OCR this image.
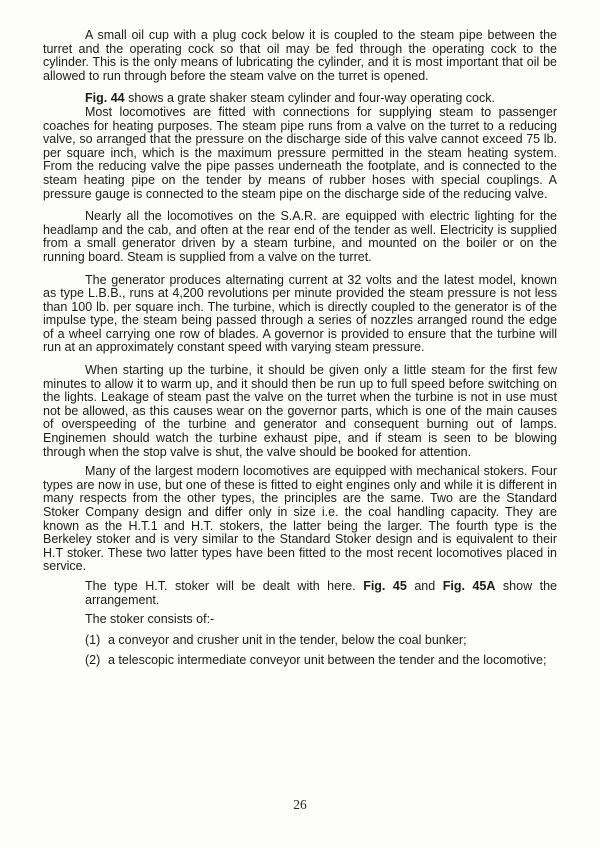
A small oil cup with a plug cock below it is coupled to the steam pipe between the turret and the operating cock so that oil may be fed through the operating cock to the cylinder. This is the only means of lubricating the cylinder, and it is most important that oil be allowed to run through before the steam valve on the turret is opened.

Fig. 44 shows a grate shaker steam cylinder and four-way operating cock.

Most locomotives are fitted with connections for supplying steam to passenger coaches for heating purposes. The steam pipe runs from a valve on the turret to a reducing valve, so arranged that the pressure on the discharge side of this valve cannot exceed 75 lb. per square inch, which is the maximum pressure permitted in the steam heating system. From the reducing valve the pipe passes underneath the footplate, and is connected to the steam heating pipe on the tender by means of rubber hoses with special couplings. A pressure gauge is connected to the steam pipe on the discharge side of the reducing valve.

Nearly all the locomotives on the S.A.R. are equipped with electric lighting for the headlamp and the cab, and often at the rear end of the tender as well. Electricity is supplied from a small generator driven by a steam turbine, and mounted on the boiler or on the running board. Steam is supplied from a valve on the turret.

The generator produces alternating current at 32 volts and the latest model, known as type L.B.B., runs at 4,200 revolutions per minute provided the steam pressure is not less than 100 lb. per square inch. The turbine, which is directly coupled to the generator is of the impulse type, the steam being passed through a series of nozzles arranged round the edge of a wheel carrying one row of blades. A governor is provided to ensure that the turbine will run at an approximately constant speed with varying steam pressure.

When starting up the turbine, it should be given only a little steam for the first few minutes to allow it to warm up, and it should then be run up to full speed before switching on the lights. Leakage of steam past the valve on the turret when the turbine is not in use must not be allowed, as this causes wear on the governor parts, which is one of the main causes of overspeeding of the turbine and generator and consequent burning out of lamps. Enginemen should watch the turbine exhaust pipe, and if steam is seen to be blowing through when the stop valve is shut, the valve should be booked for attention.

Many of the largest modern locomotives are equipped with mechanical stokers. Four types are now in use, but one of these is fitted to eight engines only and while it is different in many respects from the other types, the principles are the same. Two are the Standard Stoker Company design and differ only in size i.e. the coal handling capacity. They are known as the H.T.1 and H.T. stokers, the latter being the larger. The fourth type is the Berkeley stoker and is very similar to the Standard Stoker design and is equivalent to their H.T stoker. These two latter types have been fitted to the most recent locomotives placed in service.

The type H.T. stoker will be dealt with here. Fig. 45 and Fig. 45A show the arrangement.

The stoker consists of:-

(1) a conveyor and crusher unit in the tender, below the coal bunker;
(2) a telescopic intermediate conveyor unit between the tender and the locomotive;
26
